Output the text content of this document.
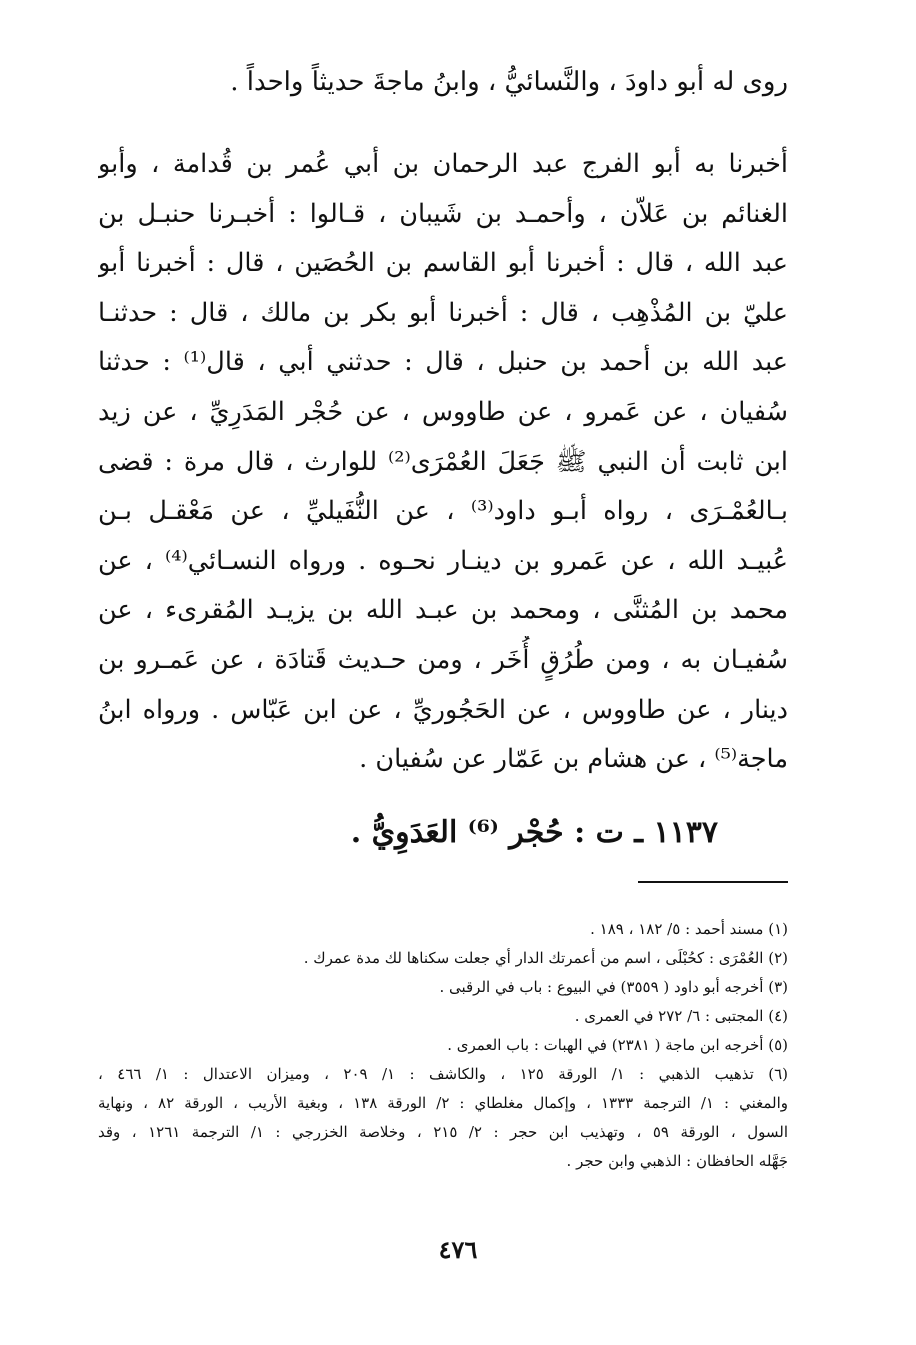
روى له أبو داودَ ، والنَّسائيُّ ، وابنُ ماجةَ حديثاً واحداً .
أخبرنا به أبو الفرج عبد الرحمان بن أبي عُمر بن قُدامة ، وأبو
الغنائم بن عَلاّن ، وأحمـد بن شَيبان ، قـالوا : أخبـرنا حنبـل بن
عبد الله ، قال : أخبرنا أبو القاسم بن الحُصَين ، قال : أخبرنا أبو
عليّ بن المُذْهِب ، قال : أخبرنا أبو بكر بن مالك ، قال : حدثنـا
عبد الله بن أحمد بن حنبل ، قال : حدثني أبي ، قال⁽¹⁾ : حدثنا
سُفيان ، عن عَمرو ، عن طاووس ، عن حُجْر المَدَرِيِّ ، عن زيد
ابن ثابت أن النبي ﷺ جَعَلَ العُمْرَى⁽²⁾ للوارث ، قال مرة : قضى
بـالعُمْـرَى ، رواه أبـو داود⁽³⁾ ، عن النُّفَيليِّ ، عن مَعْقـل بـن
عُبيـد الله ، عن عَمرو بن دينـار نحـوه . ورواه النسـائي⁽⁴⁾ ، عن
محمد بن المُثنَّى ، ومحمد بن عبـد الله بن يزيـد المُقرىء ، عن
سُفيـان به ، ومن طُرُقٍ أُخَر ، ومن حـديث قَتادَة ، عن عَمـرو بن
دينار ، عن طاووس ، عن الحَجُوريِّ ، عن ابن عَبّاس . ورواه ابنُ
ماجة⁽⁵⁾ ، عن هشام بن عَمّار عن سُفيان .
١١٣٧ ـ ت : حُجْر ⁽⁶⁾ العَدَوِيُّ .
(١) مسند أحمد : ٥/ ١٨٢ ، ١٨٩ .
(٢) العُمْرَى : كحُبْلَى ، اسم من أعمرتك الدار أي جعلت سكناها لك مدة عمرك .
(٣) أخرجه أبو داود ( ٣٥٥٩) في البيوع : باب في الرقبى .
(٤) المجتبى : ٦/ ٢٧٢ في العمرى .
(٥) أخرجه ابن ماجة ( ٢٣٨١) في الهبات : باب العمرى .
(٦) تذهيب الذهبي : ١/ الورقة ١٢٥ ، والكاشف : ١/ ٢٠٩ ، وميزان الاعتدال : ١/ ٤٦٦ ،
والمغني : ١/ الترجمة ١٣٣٣ ، وإكمال مغلطاي : ٢/ الورقة ١٣٨ ، وبغية الأريب ، الورقة ٨٢ ، ونهاية
السول ، الورقة ٥٩ ، وتهذيب ابن حجر : ٢/ ٢١٥ ، وخلاصة الخزرجي : ١/ الترجمة ١٢٦١ ، وقد
جَهَّله الحافظان : الذهبي وابن حجر .
٤٧٦
